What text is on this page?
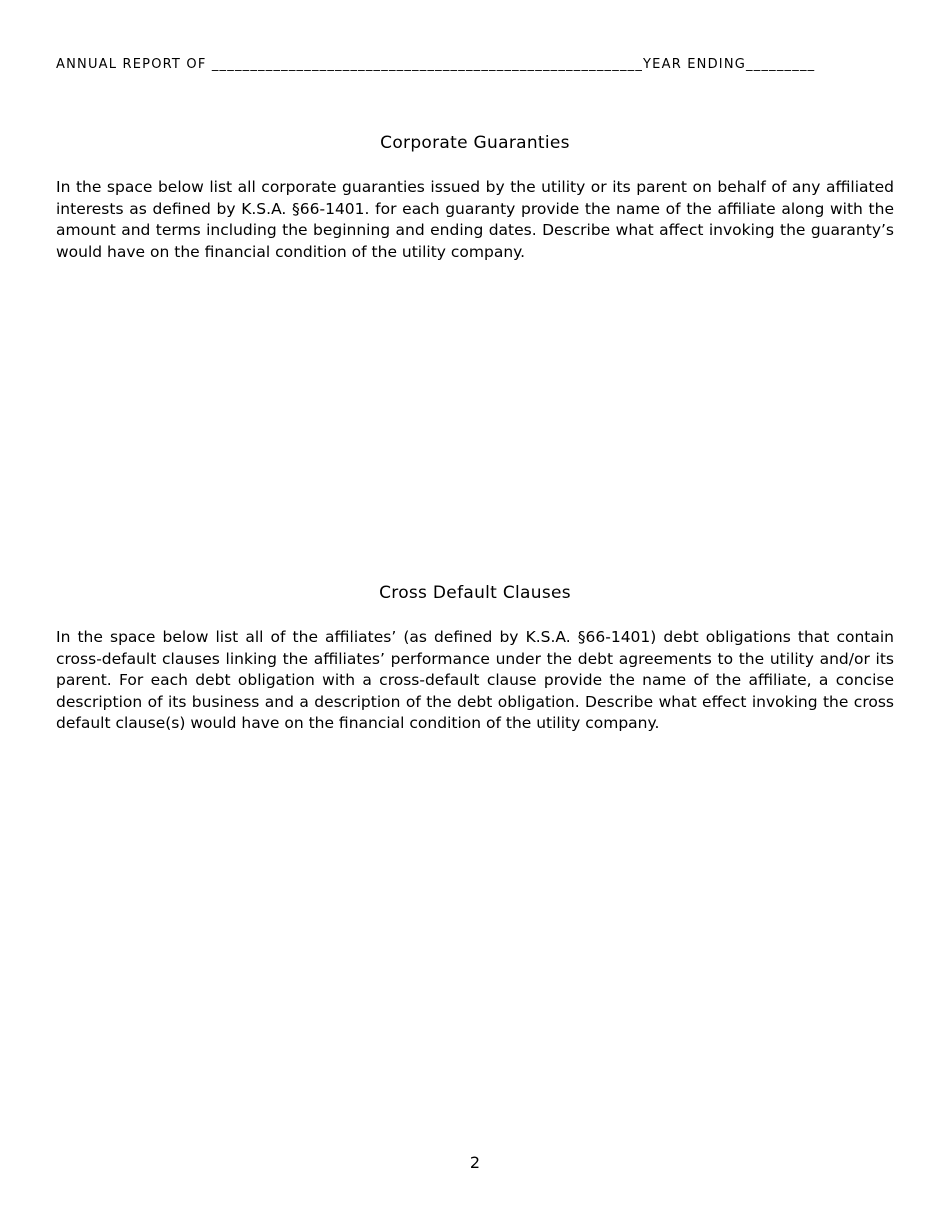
ANNUAL REPORT OF ________________________________________________________YEAR ENDING_________
Corporate Guaranties
In the space below list all corporate guaranties issued by the utility or its parent on behalf of any affiliated interests as defined by K.S.A. §66-1401. for each guaranty provide the name of the affiliate along with the amount and terms including the beginning and ending dates. Describe what affect invoking the guaranty’s would have on the financial condition of the utility company.
Cross Default Clauses
In the space below list all of the affiliates’ (as defined by K.S.A. §66-1401) debt obligations that contain cross-default clauses linking the affiliates’ performance under the debt agreements to the utility and/or its parent. For each debt obligation with a cross-default clause provide the name of the affiliate, a concise description of its business and a description of the debt obligation. Describe what effect invoking the cross default clause(s) would have on the financial condition of the utility company.
2
